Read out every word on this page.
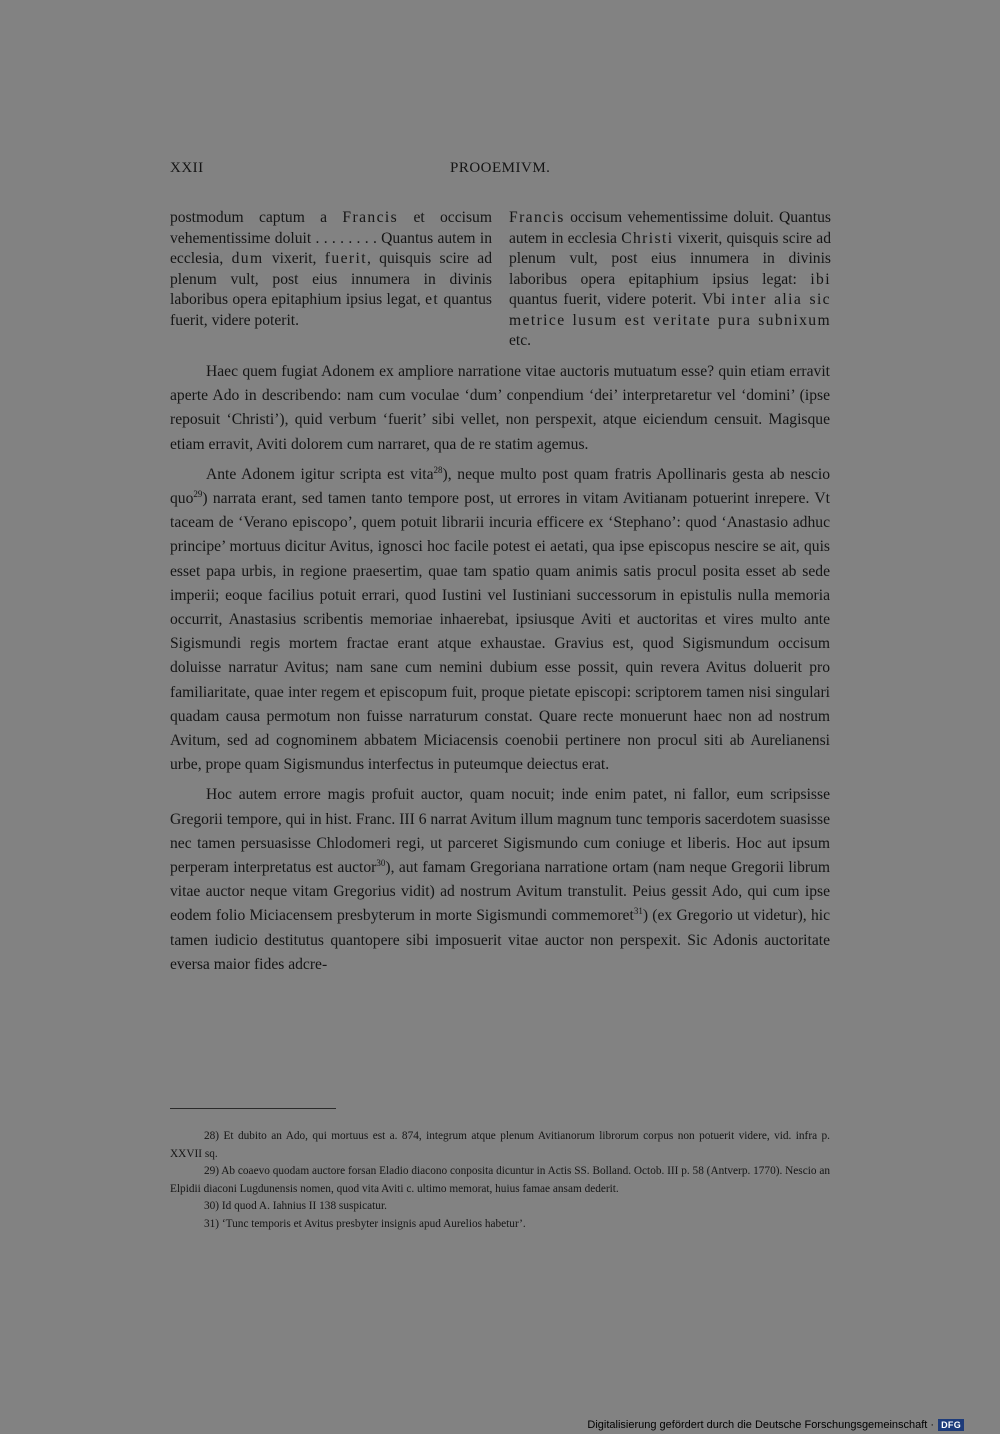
XXII	PROOEMIVM.

postmodum captum a Francis et occisum vehementissime doluit . . . . . . . . Quantus autem in ecclesia, dum vixerit, fuerit, quisquis scire ad plenum vult, post eius innumera in divinis laboribus opera epitaphium ipsius legat, et quantus fuerit, videre poterit.

Francis occisum vehementissime doluit. Quantus autem in ecclesia Christi vixerit, quisquis scire ad plenum vult, post eius innumera in divinis laboribus opera epitaphium ipsius legat: ibi quantus fuerit, videre poterit. Vbi inter alia sic metrice lusum est veritate pura subnixum etc.

Haec quem fugiat Adonem ex ampliore narratione vitae auctoris mutuatum esse? quin etiam erravit aperte Ado in describendo: nam cum voculae ‘dum’ conpendium ‘dei’ interpretaretur vel ‘domini’ (ipse reposuit ‘Christi’), quid verbum ‘fuerit’ sibi vellet, non perspexit, atque eiciendum censuit. Magisque etiam erravit, Aviti dolorem cum narraret, qua de re statim agemus.

Ante Adonem igitur scripta est vita$^{28}$), neque multo post quam fratris Apollinaris gesta ab nescio quo$^{29}$) narrata erant, sed tamen tanto tempore post, ut errores in vitam Avitianam potuerint inrepere. Vt taceam de ‘Verano episcopo’, quem potuit librarii incuria efficere ex ‘Stephano’: quod ‘Anastasio adhuc principe’ mortuus dicitur Avitus, ignosci hoc facile potest ei aetati, qua ipse episcopus nescire se ait, quis esset papa urbis, in regione praesertim, quae tam spatio quam animis satis procul posita esset ab sede imperii; eoque facilius potuit errari, quod Iustini vel Iustiniani successorum in epistulis nulla memoria occurrit, Anastasius scribentis memoriae inhaerebat, ipsiusque Aviti et auctoritas et vires multo ante Sigismundi regis mortem fractae erant atque exhaustae. Gravius est, quod Sigismundum occisum doluisse narratur Avitus; nam sane cum nemini dubium esse possit, quin revera Avitus doluerit pro familiaritate, quae inter regem et episcopum fuit, proque pietate episcopi: scriptorem tamen nisi singulari quadam causa permotum non fuisse narraturum constat. Quare recte monuerunt haec non ad nostrum Avitum, sed ad cognominem abbatem Miciacensis coenobii pertinere non procul siti ab Aurelianensi urbe, prope quam Sigismundus interfectus in puteumque deiectus erat.

Hoc autem errore magis profuit auctor, quam nocuit; inde enim patet, ni fallor, eum scripsisse Gregorii tempore, qui in hist. Franc. III 6 narrat Avitum illum magnum tunc temporis sacerdotem suasisse nec tamen persuasisse Chlodomeri regi, ut parceret Sigismundo cum coniuge et liberis. Hoc aut ipsum perperam interpretatus est auctor$^{30}$), aut famam Gregoriana narratione ortam (nam neque Gregorii librum vitae auctor neque vitam Gregorius vidit) ad nostrum Avitum transtulit. Peius gessit Ado, qui cum ipse eodem folio Miciacensem presbyterum in morte Sigismundi commemoret$^{31}$) (ex Gregorio ut videtur), hic tamen iudicio destitutus quantopere sibi imposuerit vitae auctor non perspexit. Sic Adonis auctoritate eversa maior fides adcre-

28) Et dubito an Ado, qui mortuus est a. 874, integrum atque plenum Avitianorum librorum corpus non potuerit videre, vid. infra p. XXVII sq.

29) Ab coaevo quodam auctore forsan Eladio diacono conposita dicuntur in Actis SS. Bolland. Octob. III p. 58 (Antverp. 1770). Nescio an Elpidii diaconi Lugdunensis nomen, quod vita Aviti c. ultimo memorat, huius famae ansam dederit.

30) Id quod A. Iahnius II 138 suspicatur.

31) ‘Tunc temporis et Avitus presbyter insignis apud Aurelios habetur’.

Digitalisierung gefördert durch die Deutsche Forschungsgemeinschaft · DFG
